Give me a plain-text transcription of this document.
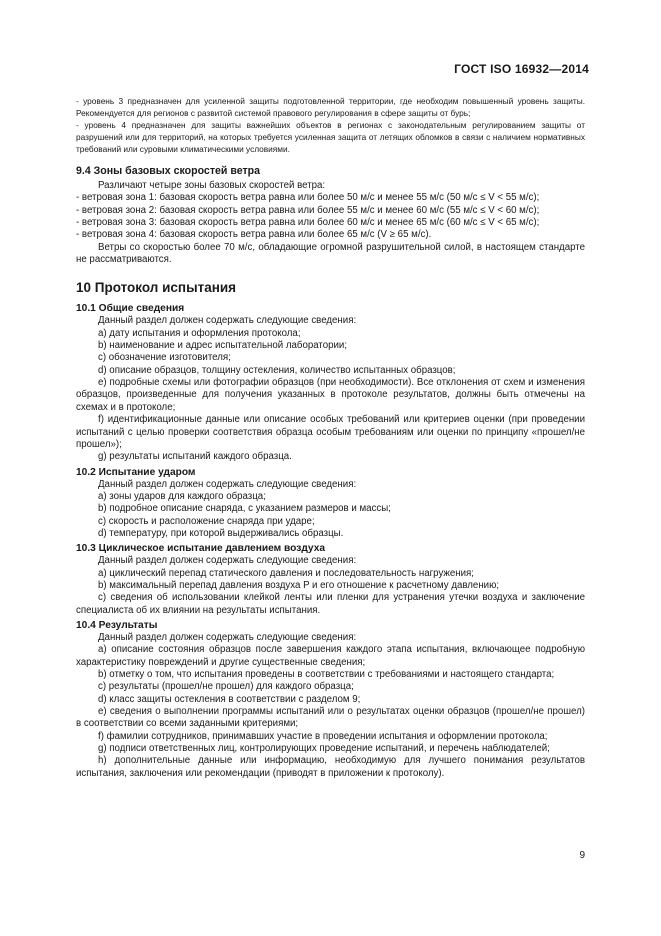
ГОСТ ISO 16932—2014

- уровень 3 предназначен для усиленной защиты подготовленной территории, где необходим повышенный уровень защиты. Рекомендуется для регионов с развитой системой правового регулирования в сфере защиты от бурь;

- уровень 4 предназначен для защиты важнейших объектов в регионах с законодательным регулированием защиты от разрушений или для территорий, на которых требуется усиленная защита от летящих обломков в связи с наличием нормативных требований или суровыми климатическими условиями.

9.4 Зоны базовых скоростей ветра

Различают четыре зоны базовых скоростей ветра:

- ветровая зона 1: базовая скорость ветра равна или более 50 м/с и менее 55 м/с (50 м/с ≤ V < 55 м/с);

- ветровая зона 2: базовая скорость ветра равна или более 55 м/с и менее 60 м/с (55 м/с ≤ V < 60 м/с);

- ветровая зона 3: базовая скорость ветра равна или более 60 м/с и менее 65 м/с (60 м/с ≤ V < 65 м/с);

- ветровая зона 4: базовая скорость ветра равна или более 65 м/с (V ≥ 65 м/с).

Ветры со скоростью более 70 м/с, обладающие огромной разрушительной силой, в настоящем стандарте не рассматриваются.

10 Протокол испытания
10.1 Общие сведения

Данный раздел должен содержать следующие сведения:

a) дату испытания и оформления протокола;

b) наименование и адрес испытательной лаборатории;

c) обозначение изготовителя;

d) описание образцов, толщину остекления, количество испытанных образцов;

e) подробные схемы или фотографии образцов (при необходимости). Все отклонения от схем и изменения образцов, произведенные для получения указанных в протоколе результатов, должны быть отмечены на схемах и в протоколе;

f) идентификационные данные или описание особых требований или критериев оценки (при проведении испытаний с целью проверки соответствия образца особым требованиям или оценки по принципу «прошел/не прошел»);

g) результаты испытаний каждого образца.

10.2 Испытание ударом

Данный раздел должен содержать следующие сведения:

a) зоны ударов для каждого образца;

b) подробное описание снаряда, с указанием размеров и массы;

c) скорость и расположение снаряда при ударе;

d) температуру, при которой выдерживались образцы.

10.3 Циклическое испытание давлением воздуха

Данный раздел должен содержать следующие сведения:

a) циклический перепад статического давления и последовательность нагружения;

b) максимальный перепад давления воздуха P и его отношение к расчетному давлению;

c) сведения об использовании клейкой ленты или пленки для устранения утечки воздуха и заключение специалиста об их влиянии на результаты испытания.

10.4 Результаты

Данный раздел должен содержать следующие сведения:

a) описание состояния образцов после завершения каждого этапа испытания, включающее подробную характеристику повреждений и другие существенные сведения;

b) отметку о том, что испытания проведены в соответствии с требованиями и настоящего стандарта;

c) результаты (прошел/не прошел) для каждого образца;

d) класс защиты остекления в соответствии с разделом 9;

e) сведения о выполнении программы испытаний или о результатах оценки образцов (прошел/не прошел) в соответствии со всеми заданными критериями;

f) фамилии сотрудников, принимавших участие в проведении испытания и оформлении протокола;

g) подписи ответственных лиц, контролирующих проведение испытаний, и перечень наблюдателей;

h) дополнительные данные или информацию, необходимую для лучшего понимания результатов испытания, заключения или рекомендации (приводят в приложении к протоколу).

9
